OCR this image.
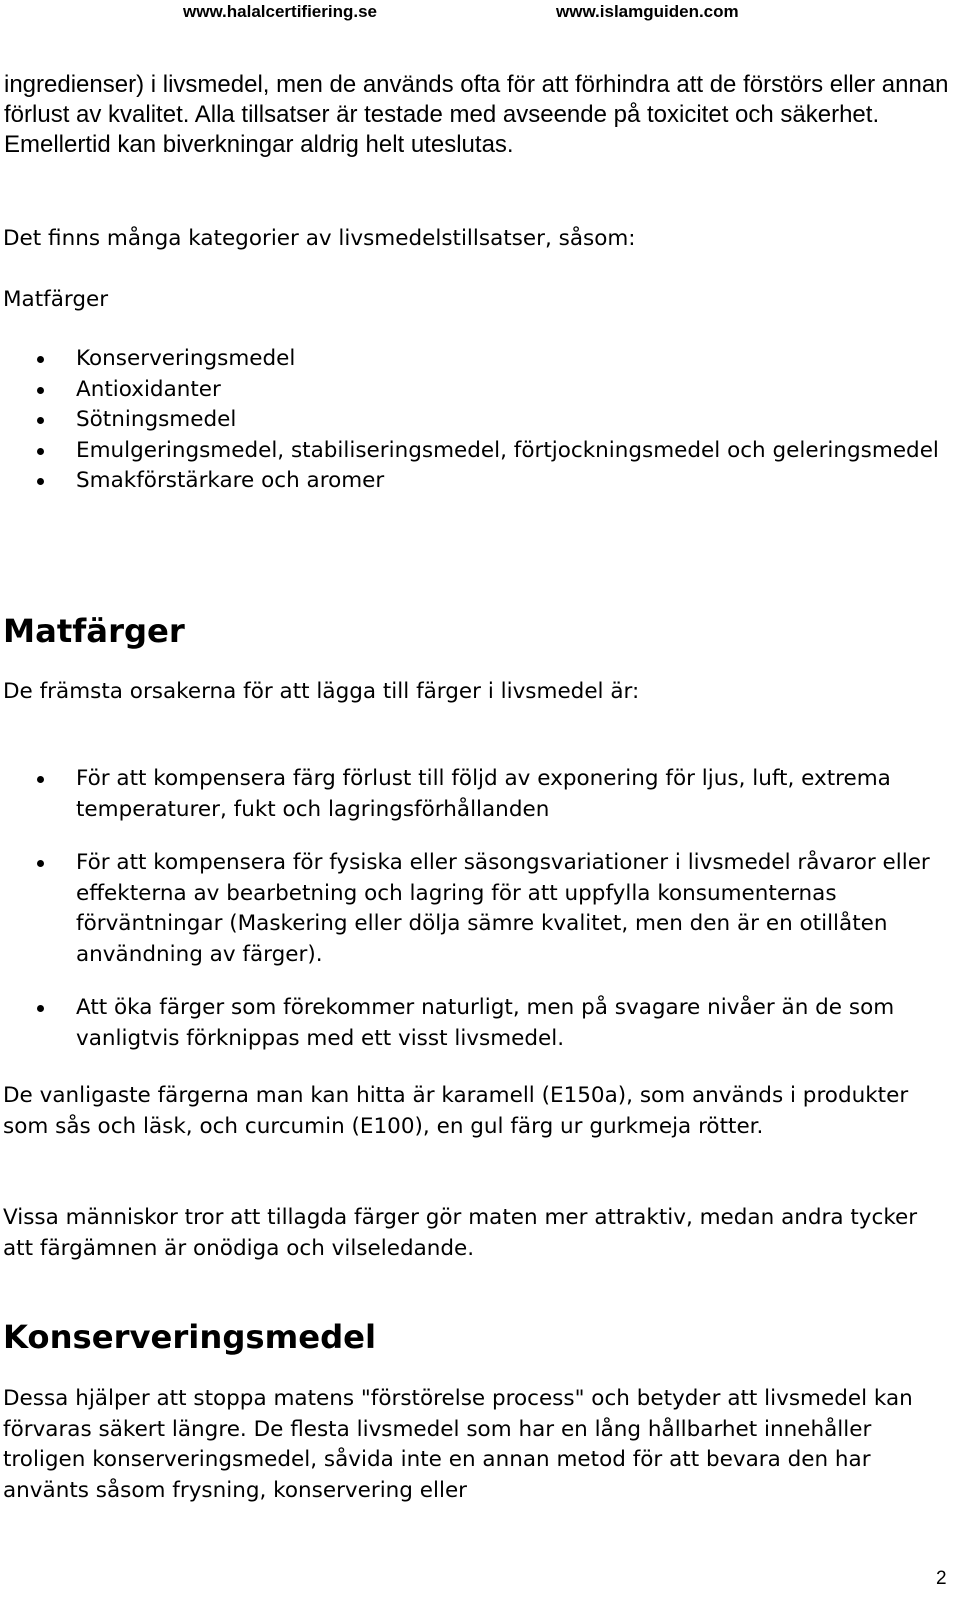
www.halalcertifiering.se	www.islamguiden.com

ingredienser) i livsmedel, men de används ofta för att förhindra att de förstörs eller annan förlust av kvalitet. Alla tillsatser är testade med avseende på toxicitet och säkerhet. Emellertid kan biverkningar aldrig helt uteslutas.

Det finns många kategorier av livsmedelstillsatser, såsom:

Matfärger

Konserveringsmedel
Antioxidanter
Sötningsmedel
Emulgeringsmedel, stabiliseringsmedel, förtjockningsmedel och geleringsmedel
Smakförstärkare och aromer
Matfärger

De främsta orsakerna för att lägga till färger i livsmedel är:

För att kompensera färg förlust till följd av exponering för ljus, luft, extrema temperaturer, fukt och lagringsförhållanden
För att kompensera för fysiska eller säsongsvariationer i livsmedel råvaror eller effekterna av bearbetning och lagring för att uppfylla konsumenternas förväntningar (Maskering eller dölja sämre kvalitet, men den är en otillåten användning av färger).
Att öka färger som förekommer naturligt, men på svagare nivåer än de som vanligtvis förknippas med ett visst livsmedel.

De vanligaste färgerna man kan hitta är karamell (E150a), som används i produkter som sås och läsk, och curcumin (E100), en gul färg ur gurkmeja rötter.

Vissa människor tror att tillagda färger gör maten mer attraktiv, medan andra tycker att färgämnen är onödiga och vilseledande.

Konserveringsmedel

Dessa hjälper att stoppa matens "förstörelse process" och betyder att livsmedel kan förvaras säkert längre. De flesta livsmedel som har en lång hållbarhet innehåller troligen konserveringsmedel, såvida inte en annan metod för att bevara den har använts såsom frysning, konservering eller

2
